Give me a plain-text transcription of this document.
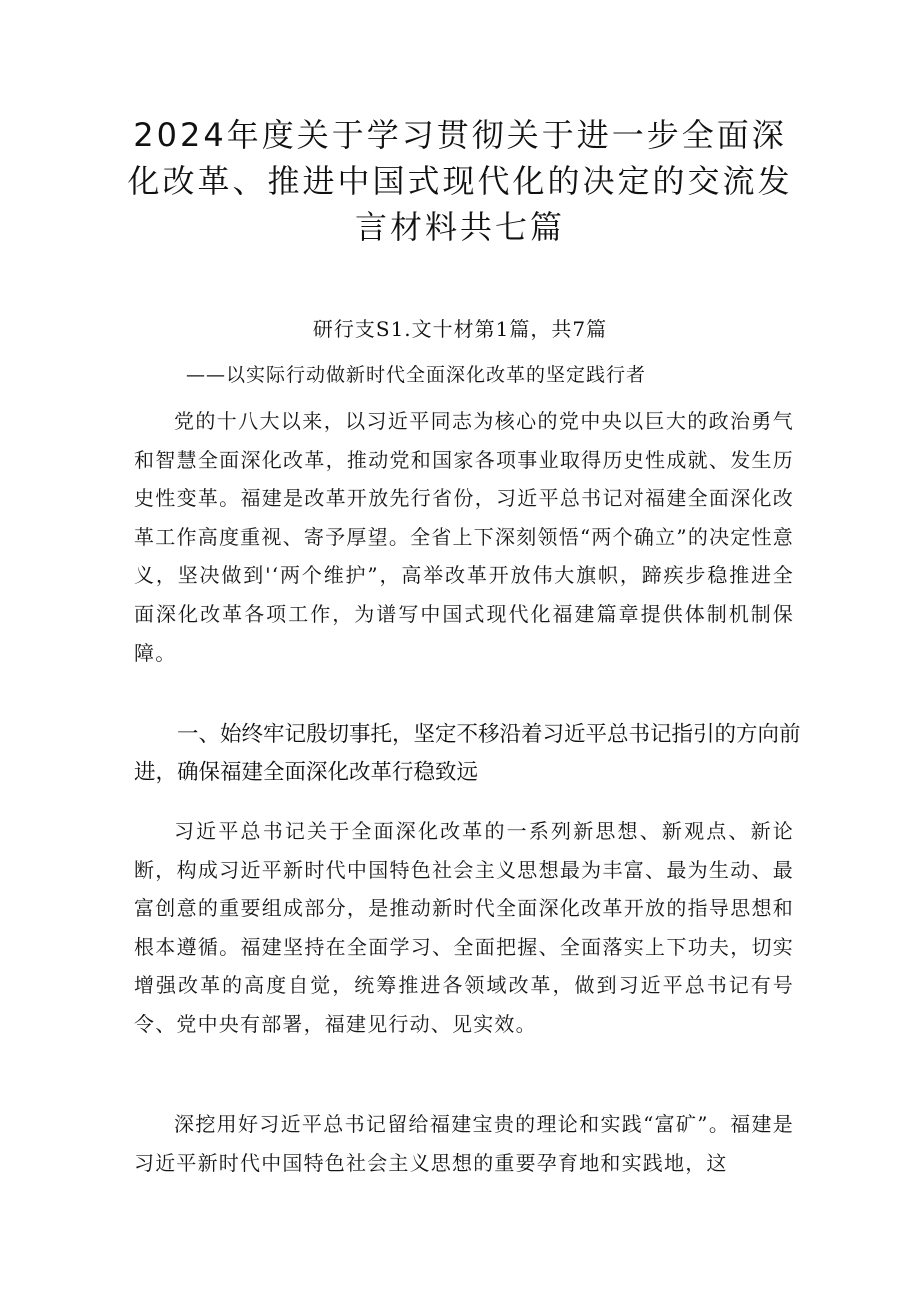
2024年度关于学习贯彻关于进一步全面深
化改革、推进中国式现代化的决定的交流发
言材料共七篇
研行支S1.文十材第1篇，共7篇
——以实际行动做新时代全面深化改革的坚定践行者

党的十八大以来，以习近平同志为核心的党中央以巨大的政治勇气和智慧全面深化改革，推动党和国家各项事业取得历史性成就、发生历史性变革。福建是改革开放先行省份，习近平总书记对福建全面深化改革工作高度重视、寄予厚望。全省上下深刻领悟“两个确立”的决定性意义，坚决做到'‘两个维护”，高举改革开放伟大旗帜，蹄疾步稳推进全面深化改革各项工作，为谱写中国式现代化福建篇章提供体制机制保障。

一、始终牢记殷切事托，坚定不移沿着习近平总书记指引的方向前进，确保福建全面深化改革行稳致远

习近平总书记关于全面深化改革的一系列新思想、新观点、新论断，构成习近平新时代中国特色社会主义思想最为丰富、最为生动、最富创意的重要组成部分，是推动新时代全面深化改革开放的指导思想和根本遵循。福建坚持在全面学习、全面把握、全面落实上下功夫，切实增强改革的高度自觉，统筹推进各领域改革，做到习近平总书记有号令、党中央有部署，福建见行动、见实效。

深挖用好习近平总书记留给福建宝贵的理论和实践“富矿”。福建是习近平新时代中国特色社会主义思想的重要孕育地和实践地，这
